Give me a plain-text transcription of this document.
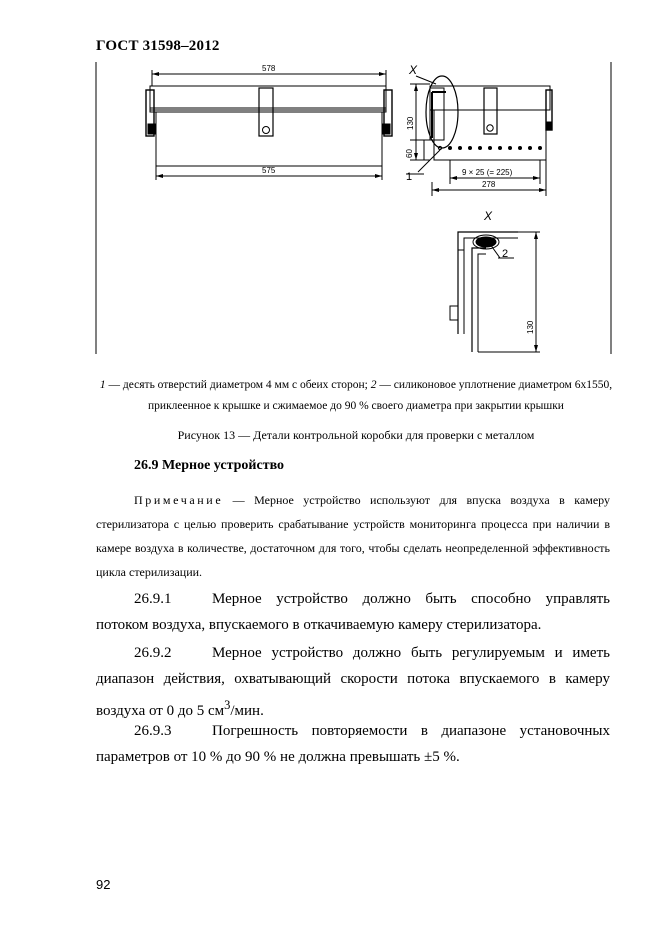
ГОСТ 31598–2012
578
575
X
130
60
1	9 × 25 (= 225)
278
X
2
130
1 — десять отверстий диаметром 4 мм с обеих сторон; 2 — силиконовое уплотнение диаметром 6х1550, приклеенное к крышке и сжимаемое до 90 % своего диаметра при закрытии крышки
Рисунок 13 — Детали контрольной коробки для проверки с металлом
26.9 Мерное устройство
Примечание — Мерное устройство используют для впуска воздуха в камеру стерилизатора с целью проверить срабатывание устройств мониторинга процесса при наличии в камере воздуха в количестве, достаточном для того, чтобы сделать неопределенной эффективность цикла стерилизации.
26.9.1	Мерное устройство должно быть способно управлять потоком воздуха, впускаемого в откачиваемую камеру стерилизатора.
26.9.2	Мерное устройство должно быть регулируемым и иметь диапазон действия, охватывающий скорости потока впускаемого в камеру воздуха от 0 до 5 $см^3$/мин.
26.9.3	Погрешность повторяемости в диапазоне установочных параметров от 10 % до 90 % не должна превышать ±5 %.
92
